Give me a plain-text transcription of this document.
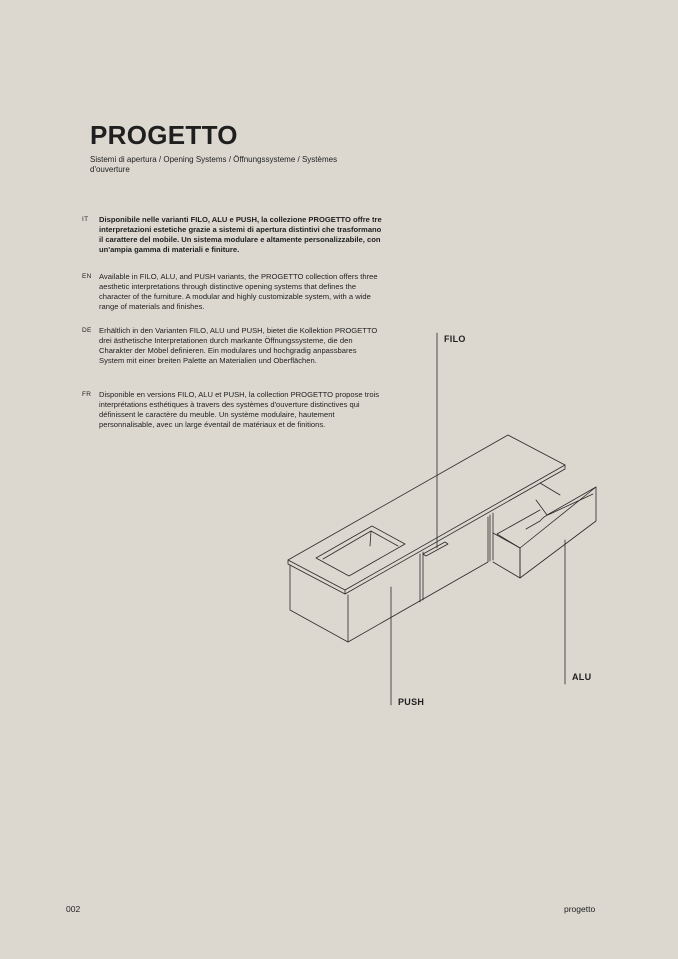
PROGETTO
Sistemi di apertura / Opening Systems / Öffnungssysteme / Systèmes d'ouverture
IT Disponibile nelle varianti FILO, ALU e PUSH, la collezione PROGETTO offre tre interpretazioni estetiche grazie a sistemi di apertura distintivi che trasformano il carattere del mobile. Un sistema modulare e altamente personalizzabile, con un'ampia gamma di materiali e finiture.
EN Available in FILO, ALU, and PUSH variants, the PROGETTO collection offers three aesthetic interpretations through distinctive opening systems that defines the character of the furniture. A modular and highly customizable system, with a wide range of materials and finishes.
DE Erhältlich in den Varianten FILO, ALU und PUSH, bietet die Kollektion PROGETTO drei ästhetische Interpretationen durch markante Öffnungssysteme, die den Charakter der Möbel definieren. Ein modulares und hochgradig anpassbares System mit einer breiten Palette an Materialien und Oberflächen.
FR Disponible en versions FILO, ALU et PUSH, la collection PROGETTO propose trois interprétations esthétiques à travers des systèmes d'ouverture distinctives qui définissent le caractère du meuble. Un système modulaire, hautement personnalisable, avec un large éventail de matériaux et de finitions.
FILO
ALU
PUSH
002	progetto
